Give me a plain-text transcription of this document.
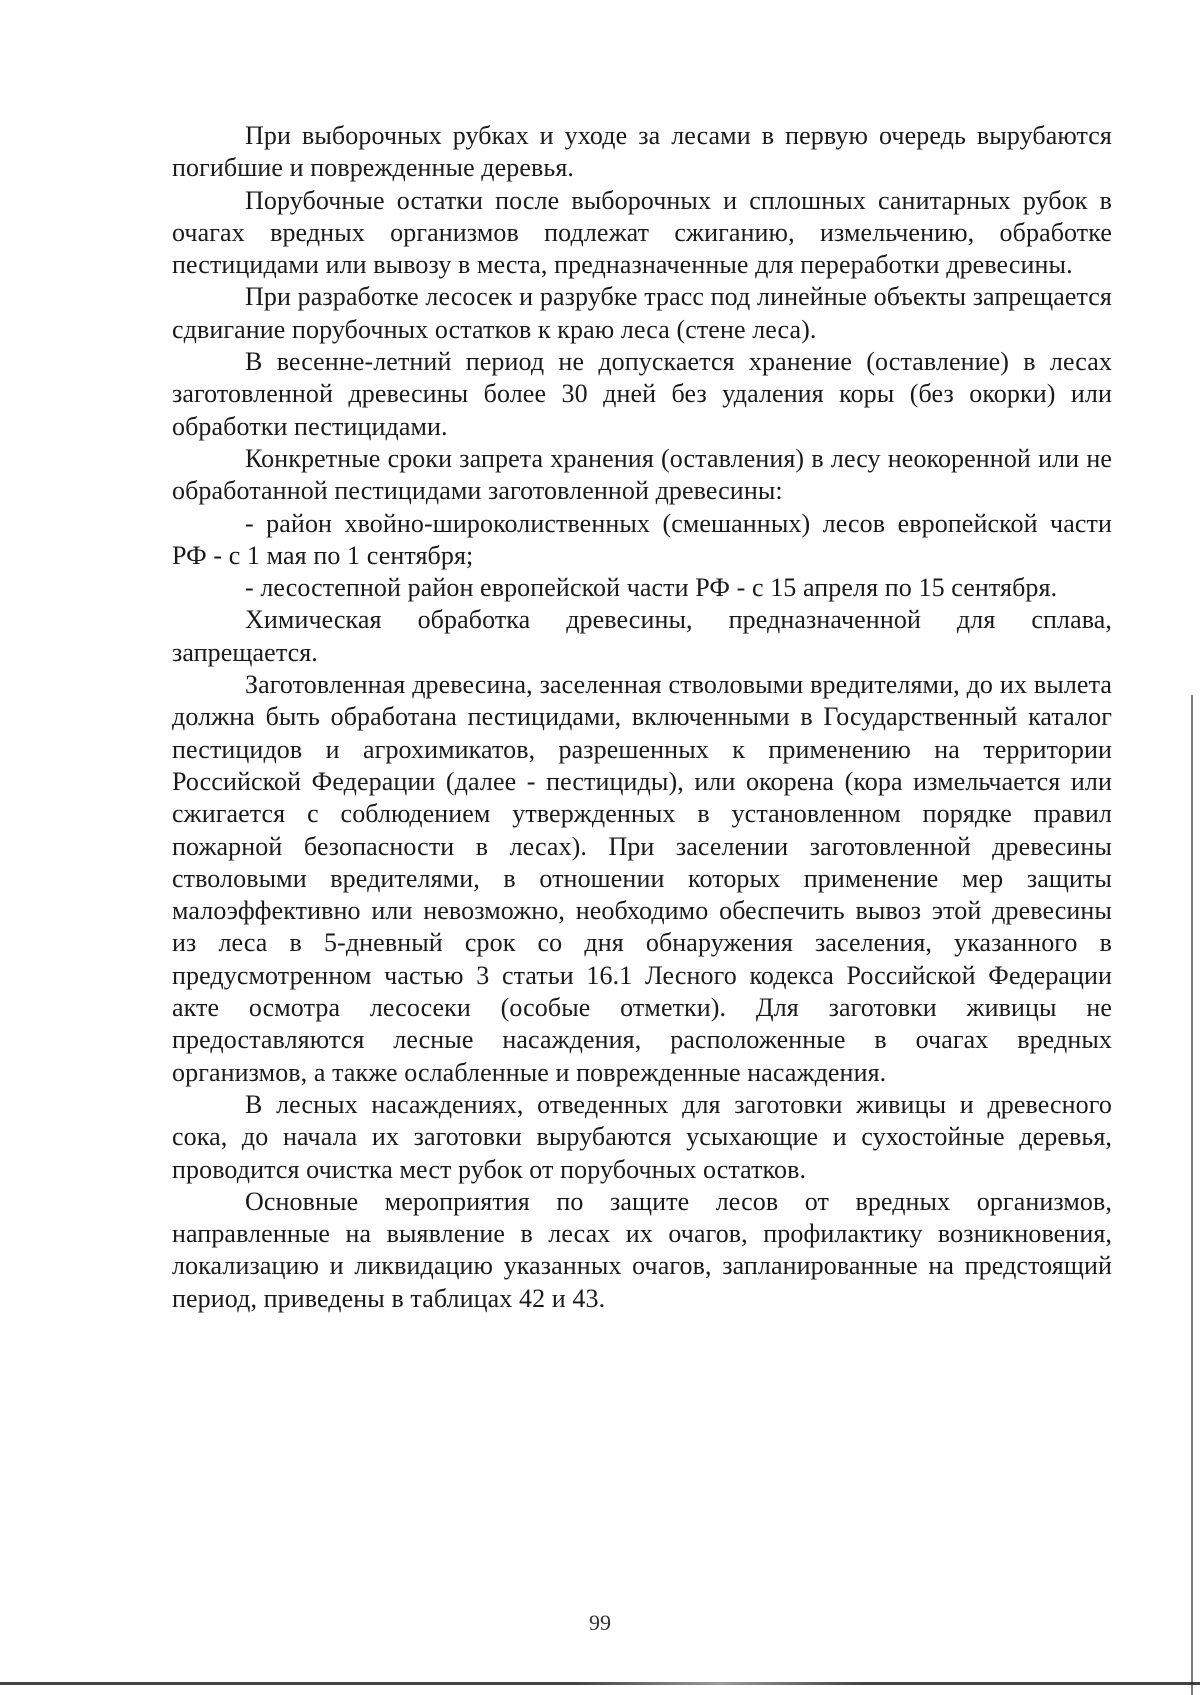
При выборочных рубках и уходе за лесами в первую очередь вырубаются погибшие и поврежденные деревья.

Порубочные остатки после выборочных и сплошных санитарных рубок в очагах вредных организмов подлежат сжиганию, измельчению, обработке пестицидами или вывозу в места, предназначенные для переработки древесины.

При разработке лесосек и разрубке трасс под линейные объекты запрещается сдвигание порубочных остатков к краю леса (стене леса).

В весенне-летний период не допускается хранение (оставление) в лесах заготовленной древесины более 30 дней без удаления коры (без окорки) или обработки пестицидами.

Конкретные сроки запрета хранения (оставления) в лесу неокоренной или не обработанной пестицидами заготовленной древесины:

- район хвойно-широколиственных (смешанных) лесов европейской части РФ - с 1 мая по 1 сентября;

- лесостепной район европейской части РФ - с 15 апреля по 15 сентября.

Химическая обработка древесины, предназначенной для сплава, запрещается.

Заготовленная древесина, заселенная стволовыми вредителями, до их вылета должна быть обработана пестицидами, включенными в Государственный каталог пестицидов и агрохимикатов, разрешенных к применению на территории Российской Федерации (далее - пестициды), или окорена (кора измельчается или сжигается с соблюдением утвержденных в установленном порядке правил пожарной безопасности в лесах). При заселении заготовленной древесины стволовыми вредителями, в отношении которых применение мер защиты малоэффективно или невозможно, необходимо обеспечить вывоз этой древесины из леса в 5-дневный срок со дня обнаружения заселения, указанного в предусмотренном частью 3 статьи 16.1 Лесного кодекса Российской Федерации акте осмотра лесосеки (особые отметки). Для заготовки живицы не предоставляются лесные насаждения, расположенные в очагах вредных организмов, а также ослабленные и поврежденные насаждения.

В лесных насаждениях, отведенных для заготовки живицы и древесного сока, до начала их заготовки вырубаются усыхающие и сухостойные деревья, проводится очистка мест рубок от порубочных остатков.

Основные мероприятия по защите лесов от вредных организмов, направленные на выявление в лесах их очагов, профилактику возникновения, локализацию и ликвидацию указанных очагов, запланированные на предстоящий период, приведены в таблицах 42 и 43.

99
